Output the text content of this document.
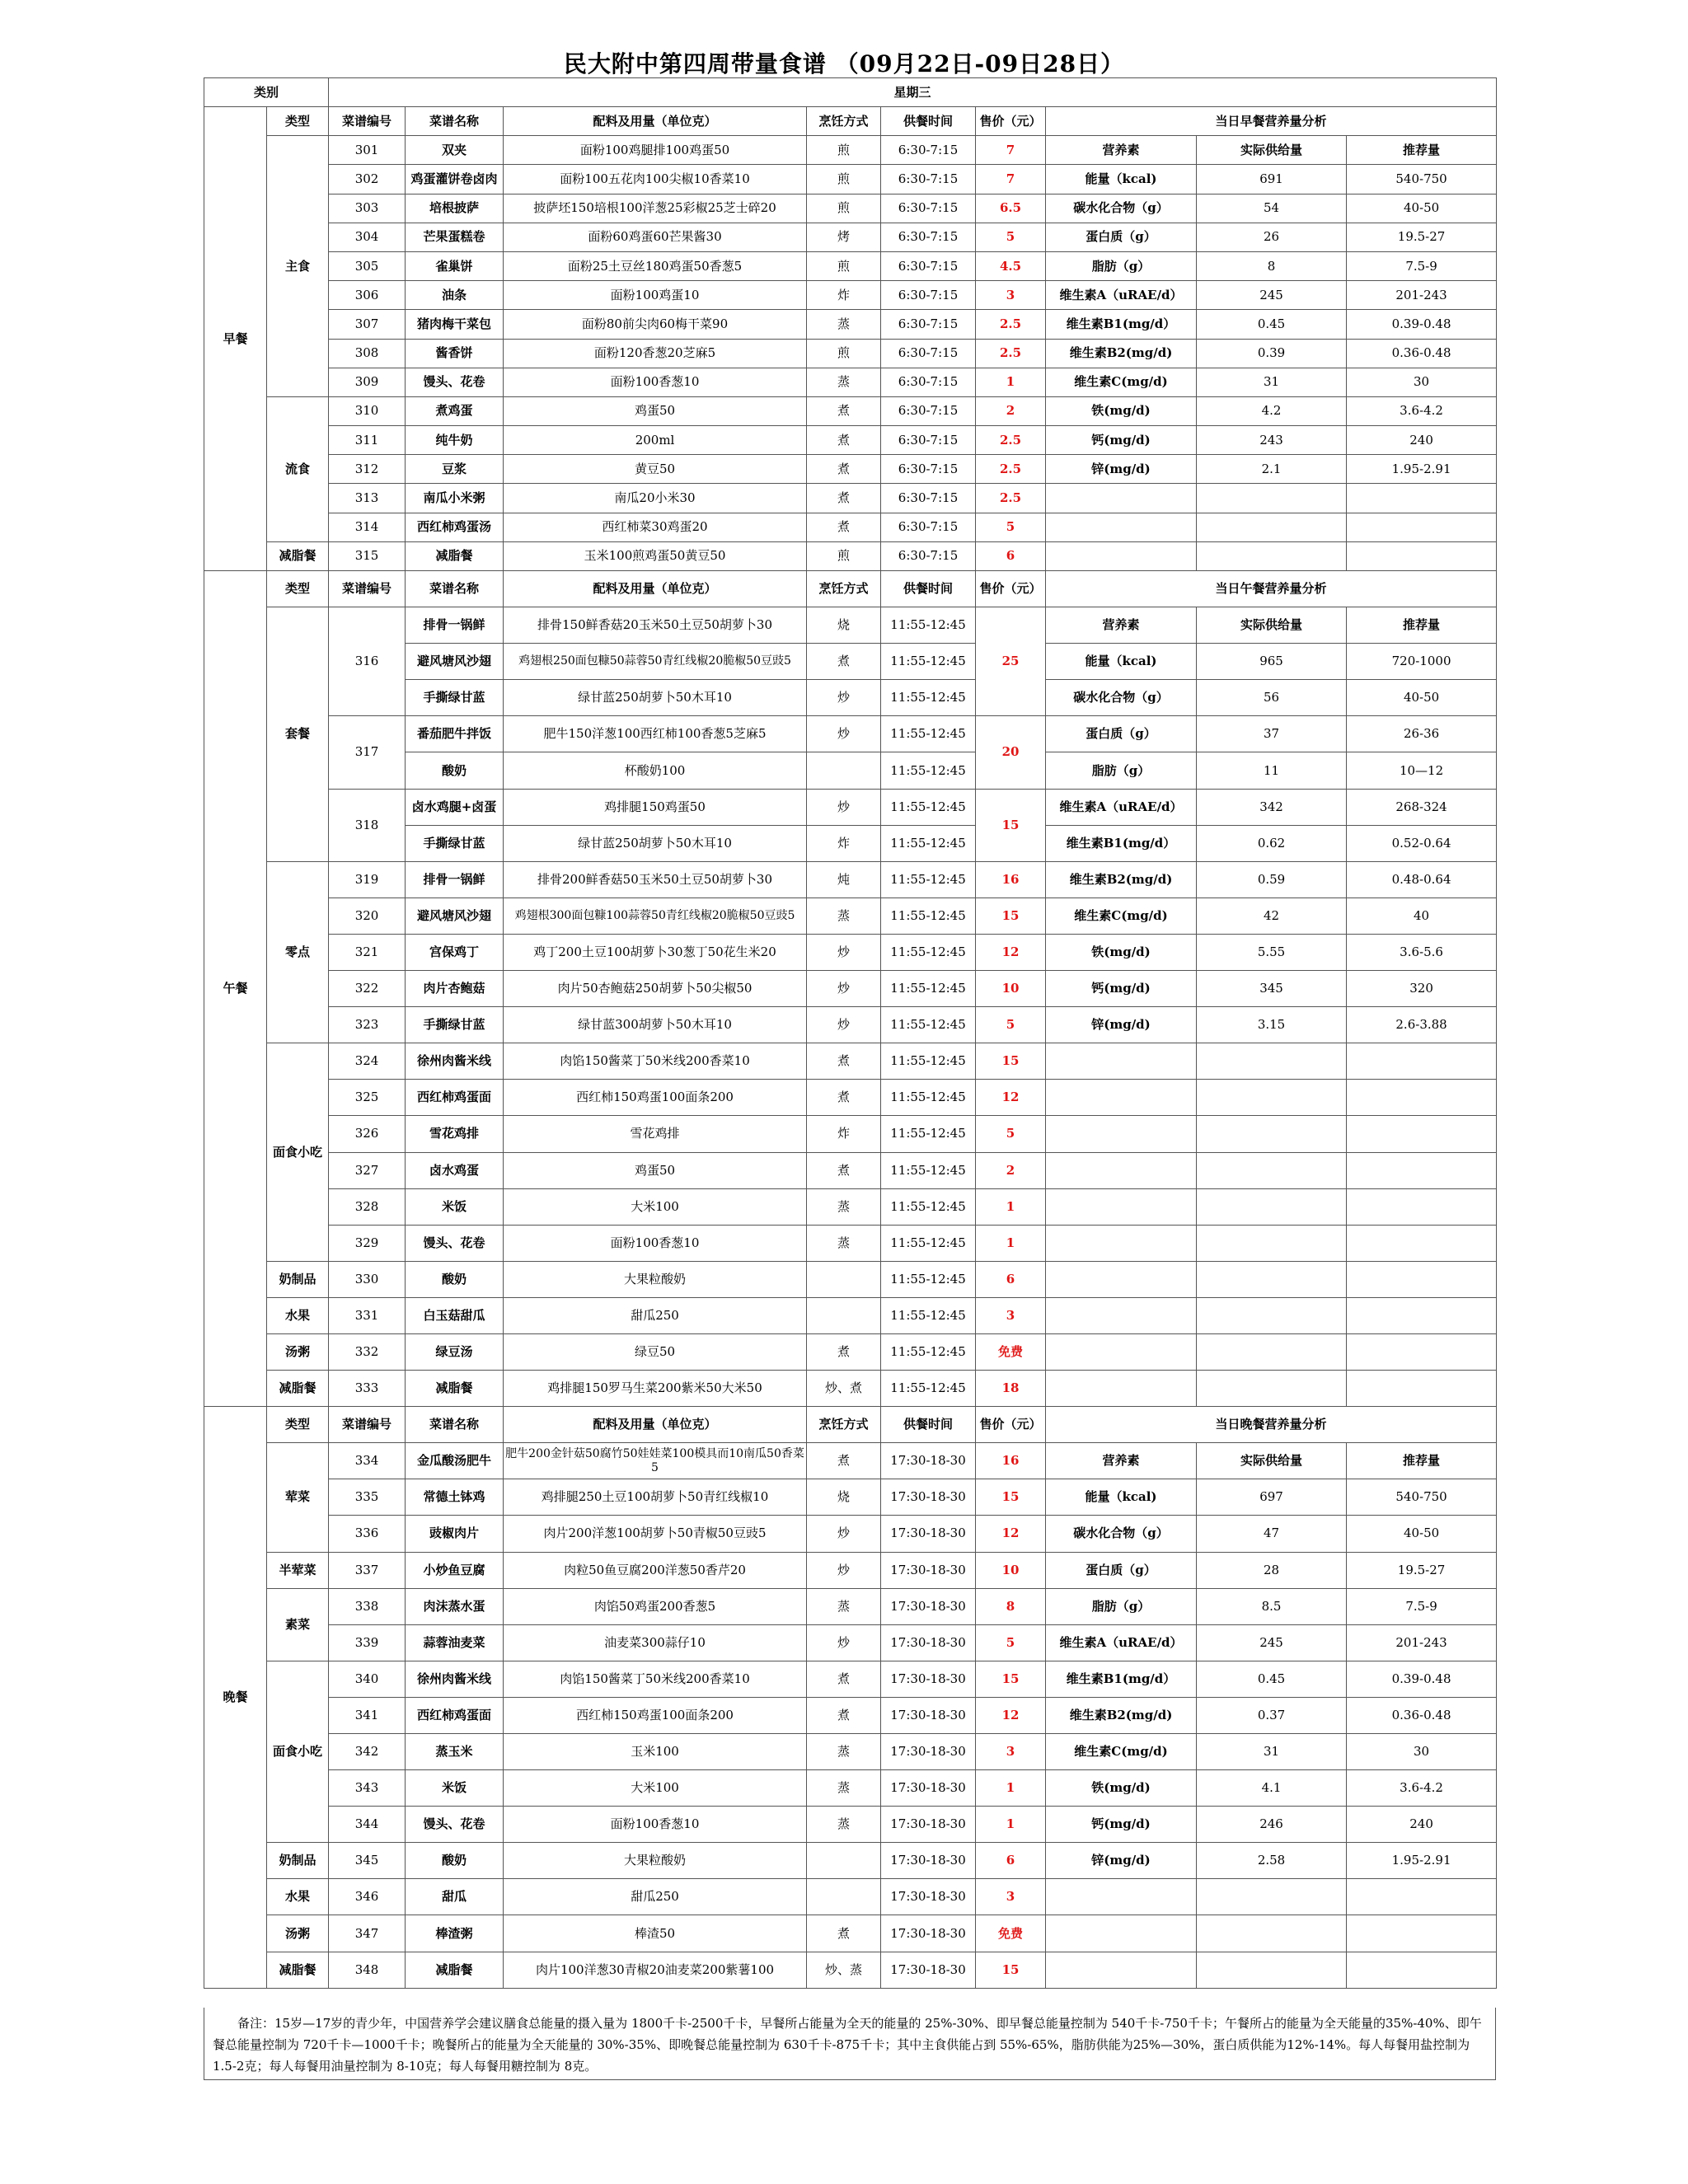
民大附中第四周带量食谱 （09月22日-09日28日）
类别		星期三								
早餐	类型	菜谱编号	菜谱名称	配料及用量（单位克）	烹饪方式	供餐时间	售价（元）	当日早餐营养量分析		
	主食	301	双夹	面粉100鸡腿排100鸡蛋50	煎	6:30-7:15	7	营养素	实际供给量	推荐量
		302	鸡蛋灌饼卷卤肉	面粉100五花肉100尖椒10香菜10	煎	6:30-7:15	7	能量（kcal)	691	540-750
		303	培根披萨	披萨坯150培根100洋葱25彩椒25芝士碎20	煎	6:30-7:15	6.5	碳水化合物（g）	54	40-50
		304	芒果蛋糕卷	面粉60鸡蛋60芒果酱30	烤	6:30-7:15	5	蛋白质（g）	26	19.5-27
		305	雀巢饼	面粉25土豆丝180鸡蛋50香葱5	煎	6:30-7:15	4.5	脂肪（g）	8	7.5-9
		306	油条	面粉100鸡蛋10	炸	6:30-7:15	3	维生素A（uRAE/d）	245	201-243
		307	猪肉梅干菜包	面粉80前尖肉60梅干菜90	蒸	6:30-7:15	2.5	维生素B1(mg/d）	0.45	0.39-0.48
		308	酱香饼	面粉120香葱20芝麻5	煎	6:30-7:15	2.5	维生素B2(mg/d)	0.39	0.36-0.48
		309	馒头、花卷	面粉100香葱10	蒸	6:30-7:15	1	维生素C(mg/d)	31	30
	流食	310	煮鸡蛋	鸡蛋50	煮	6:30-7:15	2	铁(mg/d)	4.2	3.6-4.2
		311	纯牛奶	200ml	煮	6:30-7:15	2.5	钙(mg/d)	243	240
		312	豆浆	黄豆50	煮	6:30-7:15	2.5	锌(mg/d)	2.1	1.95-2.91
		313	南瓜小米粥	南瓜20小米30	煮	6:30-7:15	2.5			
		314	西红柿鸡蛋汤	西红柿菜30鸡蛋20	煮	6:30-7:15	5			
	减脂餐	315	减脂餐	玉米100煎鸡蛋50黄豆50	煎	6:30-7:15	6			
午餐	类型	菜谱编号	菜谱名称	配料及用量（单位克）	烹饪方式	供餐时间	售价（元）	当日午餐营养量分析		
	套餐	316	排骨一锅鲜	排骨150鲜香菇20玉米50土豆50胡萝卜30	烧	11:55-12:45	25	营养素	实际供给量	推荐量
			避风塘风沙翅	鸡翅根250面包糠50蒜蓉50青红线椒20脆椒50豆豉5	煮	11:55-12:45		能量（kcal)	965	720-1000
			手撕绿甘蓝	绿甘蓝250胡萝卜50木耳10	炒	11:55-12:45		碳水化合物（g）	56	40-50
		317	番茄肥牛拌饭	肥牛150洋葱100西红柿100香葱5芝麻5	炒	11:55-12:45	20	蛋白质（g）	37	26-36
			酸奶	杯酸奶100		11:55-12:45		脂肪（g）	11	10—12
		318	卤水鸡腿+卤蛋	鸡排腿150鸡蛋50	炒	11:55-12:45	15	维生素A（uRAE/d）	342	268-324
			手撕绿甘蓝	绿甘蓝250胡萝卜50木耳10	炸	11:55-12:45		维生素B1(mg/d）	0.62	0.52-0.64
	零点	319	排骨一锅鲜	排骨200鲜香菇50玉米50土豆50胡萝卜30	炖	11:55-12:45	16	维生素B2(mg/d)	0.59	0.48-0.64
		320	避风塘风沙翅	鸡翅根300面包糠100蒜蓉50青红线椒20脆椒50豆豉5	蒸	11:55-12:45	15	维生素C(mg/d)	42	40
		321	宫保鸡丁	鸡丁200土豆100胡萝卜30葱丁50花生米20	炒	11:55-12:45	12	铁(mg/d)	5.55	3.6-5.6
		322	肉片杏鲍菇	肉片50杏鲍菇250胡萝卜50尖椒50	炒	11:55-12:45	10	钙(mg/d)	345	320
		323	手撕绿甘蓝	绿甘蓝300胡萝卜50木耳10	炒	11:55-12:45	5	锌(mg/d)	3.15	2.6-3.88
	面食小吃	324	徐州肉酱米线	肉馅150酱菜丁50米线200香菜10	煮	11:55-12:45	15			
		325	西红柿鸡蛋面	西红柿150鸡蛋100面条200	煮	11:55-12:45	12			
		326	雪花鸡排	雪花鸡排	炸	11:55-12:45	5			
		327	卤水鸡蛋	鸡蛋50	煮	11:55-12:45	2			
		328	米饭	大米100	蒸	11:55-12:45	1			
		329	馒头、花卷	面粉100香葱10	蒸	11:55-12:45	1			
	奶制品	330	酸奶	大果粒酸奶		11:55-12:45	6			
	水果	331	白玉菇甜瓜	甜瓜250		11:55-12:45	3			
	汤粥	332	绿豆汤	绿豆50	煮	11:55-12:45	免费			
	减脂餐	333	减脂餐	鸡排腿150罗马生菜200紫米50大米50	炒、煮	11:55-12:45	18			
晚餐	类型	菜谱编号	菜谱名称	配料及用量（单位克）	烹饪方式	供餐时间	售价（元）	当日晚餐营养量分析		
	荤菜	334	金瓜酸汤肥牛	肥牛200金针菇50腐竹50娃娃菜100模具而10南瓜50香菜5	煮	17:30-18-30	16	营养素	实际供给量	推荐量
		335	常德土钵鸡	鸡排腿250土豆100胡萝卜50青红线椒10	烧	17:30-18-30	15	能量（kcal)	697	540-750
		336	豉椒肉片	肉片200洋葱100胡萝卜50青椒50豆豉5	炒	17:30-18-30	12	碳水化合物（g）	47	40-50
	半荤菜	337	小炒鱼豆腐	肉粒50鱼豆腐200洋葱50香芹20	炒	17:30-18-30	10	蛋白质（g）	28	19.5-27
	素菜	338	肉沫蒸水蛋	肉馅50鸡蛋200香葱5	蒸	17:30-18-30	8	脂肪（g）	8.5	7.5-9
		339	蒜蓉油麦菜	油麦菜300蒜仔10	炒	17:30-18-30	5	维生素A（uRAE/d）	245	201-243
	面食小吃	340	徐州肉酱米线	肉馅150酱菜丁50米线200香菜10	煮	17:30-18-30	15	维生素B1(mg/d）	0.45	0.39-0.48
		341	西红柿鸡蛋面	西红柿150鸡蛋100面条200	煮	17:30-18-30	12	维生素B2(mg/d)	0.37	0.36-0.48
		342	蒸玉米	玉米100	蒸	17:30-18-30	3	维生素C(mg/d)	31	30
		343	米饭	大米100	蒸	17:30-18-30	1	铁(mg/d)	4.1	3.6-4.2
		344	馒头、花卷	面粉100香葱10	蒸	17:30-18-30	1	钙(mg/d)	246	240
	奶制品	345	酸奶	大果粒酸奶		17:30-18-30	6	锌(mg/d)	2.58	1.95-2.91
	水果	346	甜瓜	甜瓜250		17:30-18-30	3			
	汤粥	347	棒渣粥	棒渣50	煮	17:30-18-30	免费			
	减脂餐	348	减脂餐	肉片100洋葱30青椒20油麦菜200紫薯100	炒、蒸	17:30-18-30	15			
备注：15岁—17岁的青少年，中国营养学会建议膳食总能量的摄入量为 1800千卡-2500千卡，早餐所占能量为全天的能量的 25%-30%、即早餐总能量控制为 540千卡-750千卡；午餐所占的能量为全天能量的35%-40%、即午餐总能量控制为 720千卡—1000千卡；晚餐所占的能量为全天能量的 30%-35%、即晚餐总能量控制为 630千卡-875千卡；其中主食供能占到 55%-65%，脂肪供能为25%—30%，蛋白质供能为12%-14%。每人每餐用盐控制为 1.5-2克；每人每餐用油量控制为 8-10克；每人每餐用糖控制为 8克。
